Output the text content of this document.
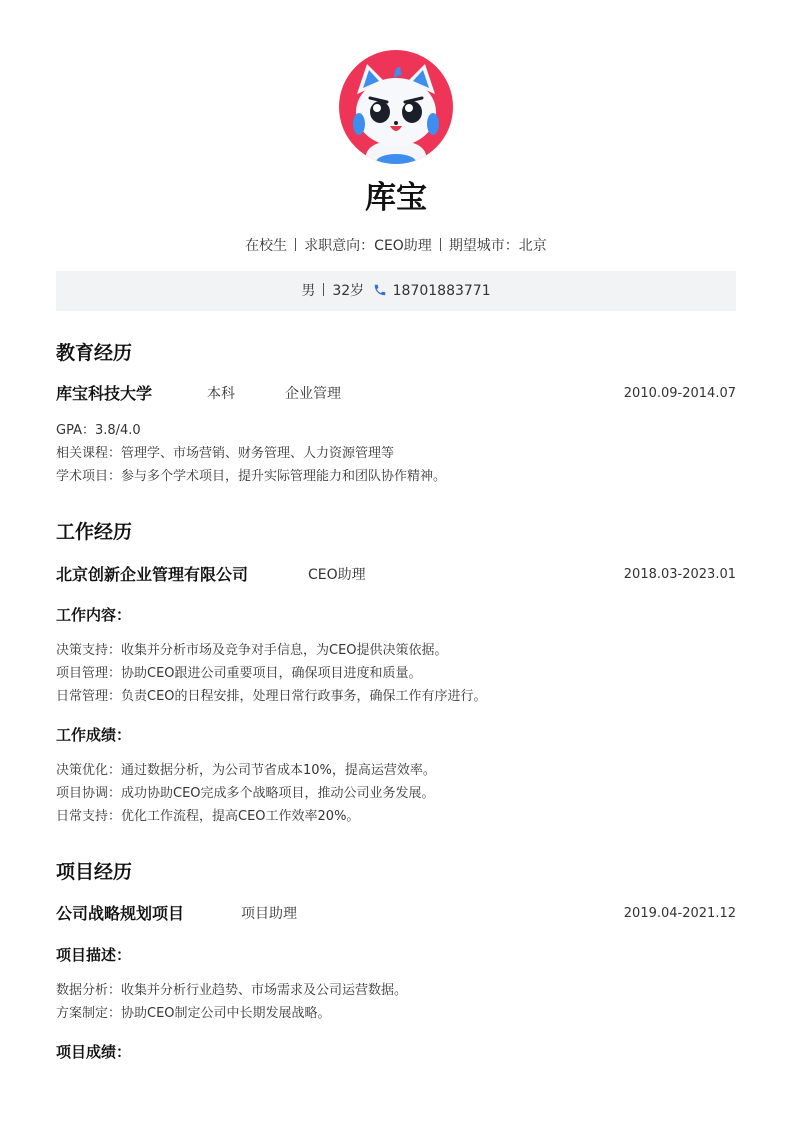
库宝
在校生 求职意向：CEO助理 期望城市：北京
男 32岁 18701883771
教育经历
库宝科技大学	本科	企业管理	2010.09-2014.07
GPA：3.8/4.0
相关课程：管理学、市场营销、财务管理、人力资源管理等
学术项目：参与多个学术项目，提升实际管理能力和团队协作精神。
工作经历
北京创新企业管理有限公司	CEO助理	2018.03-2023.01
工作内容：
决策支持：收集并分析市场及竞争对手信息，为CEO提供决策依据。
项目管理：协助CEO跟进公司重要项目，确保项目进度和质量。
日常管理：负责CEO的日程安排，处理日常行政事务，确保工作有序进行。
工作成绩：
决策优化：通过数据分析，为公司节省成本10%，提高运营效率。
项目协调：成功协助CEO完成多个战略项目，推动公司业务发展。
日常支持：优化工作流程，提高CEO工作效率20%。
项目经历
公司战略规划项目	项目助理	2019.04-2021.12
项目描述：
数据分析：收集并分析行业趋势、市场需求及公司运营数据。
方案制定：协助CEO制定公司中长期发展战略。
项目成绩：
